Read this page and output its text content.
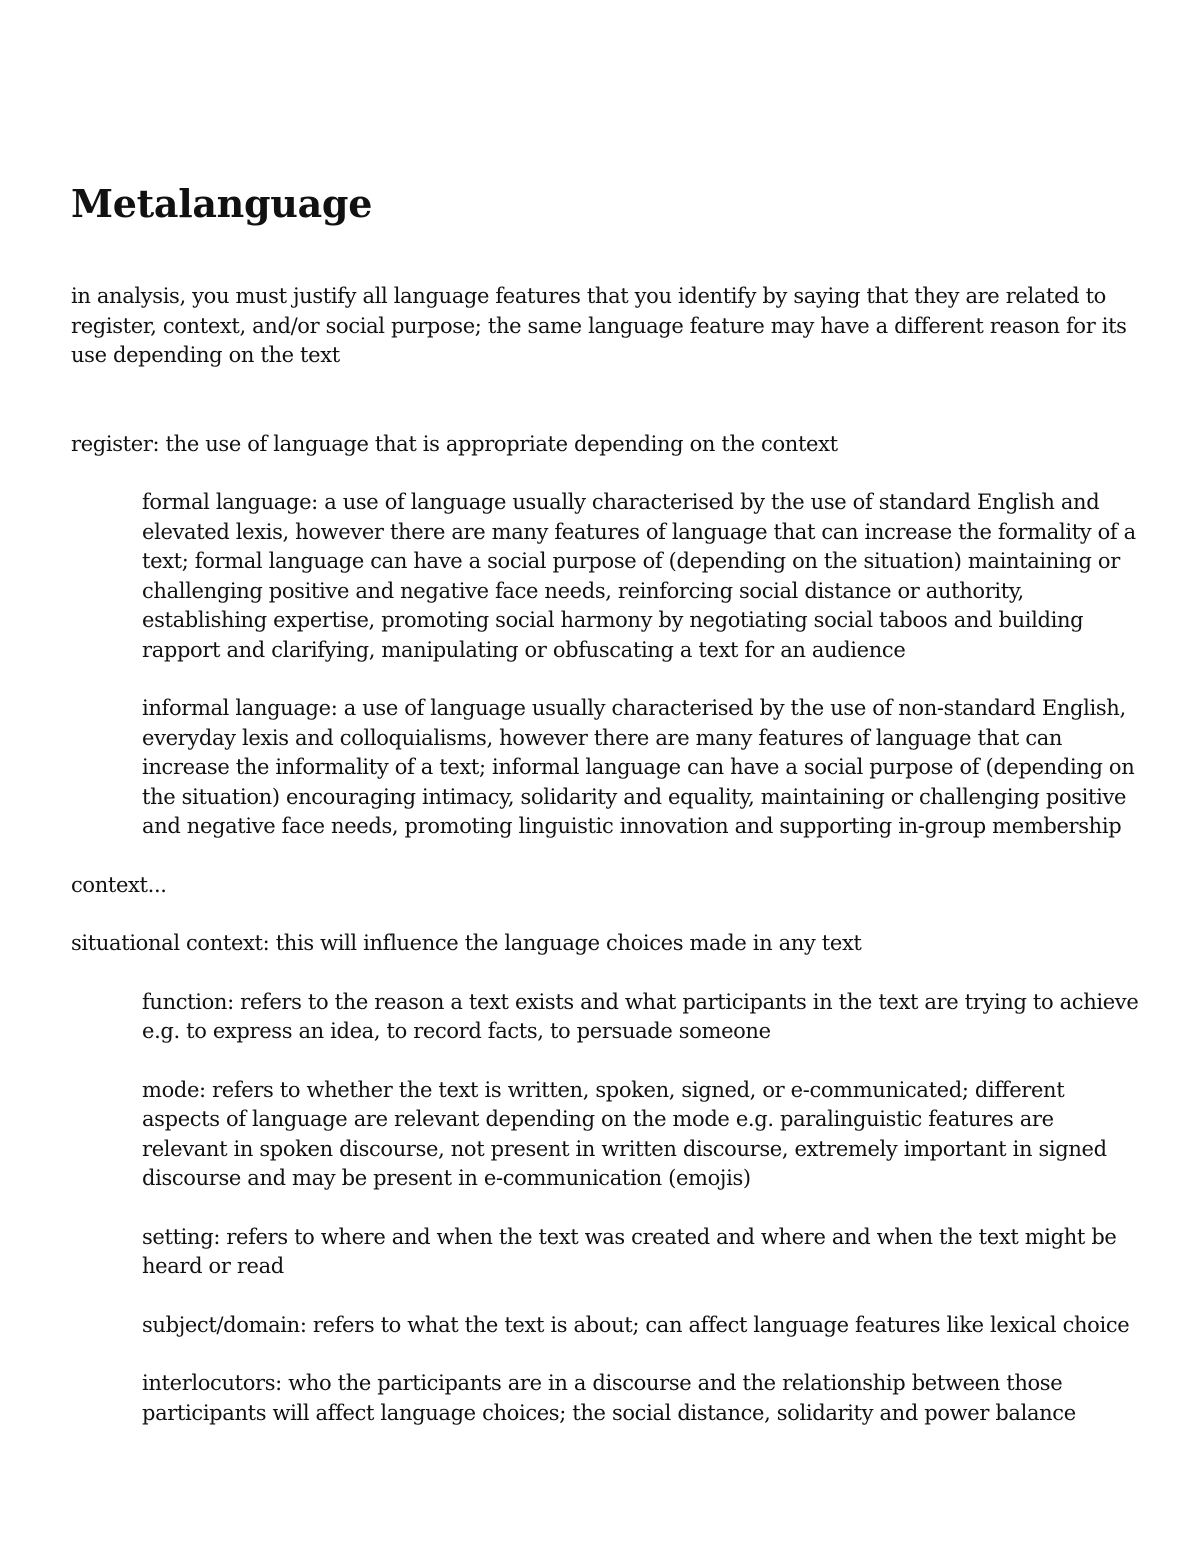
Metalanguage

in analysis, you must justify all language features that you identify by saying that they are related to register, context, and/or social purpose; the same language feature may have a different reason for its use depending on the text

register: the use of language that is appropriate depending on the context

formal language: a use of language usually characterised by the use of standard English and elevated lexis, however there are many features of language that can increase the formality of a text; formal language can have a social purpose of (depending on the situation) maintaining or challenging positive and negative face needs, reinforcing social distance or authority, establishing expertise, promoting social harmony by negotiating social taboos and building rapport and clarifying, manipulating or obfuscating a text for an audience

informal language: a use of language usually characterised by the use of non-standard English, everyday lexis and colloquialisms, however there are many features of language that can increase the informality of a text; informal language can have a social purpose of (depending on the situation) encouraging intimacy, solidarity and equality, maintaining or challenging positive and negative face needs, promoting linguistic innovation and supporting in-group membership

context...

situational context: this will influence the language choices made in any text

function: refers to the reason a text exists and what participants in the text are trying to achieve e.g. to express an idea, to record facts, to persuade someone

mode: refers to whether the text is written, spoken, signed, or e-communicated; different aspects of language are relevant depending on the mode e.g. paralinguistic features are relevant in spoken discourse, not present in written discourse, extremely important in signed discourse and may be present in e-communication (emojis)

setting: refers to where and when the text was created and where and when the text might be heard or read

subject/domain: refers to what the text is about; can affect language features like lexical choice

interlocutors: who the participants are in a discourse and the relationship between those participants will affect language choices; the social distance, solidarity and power balance
